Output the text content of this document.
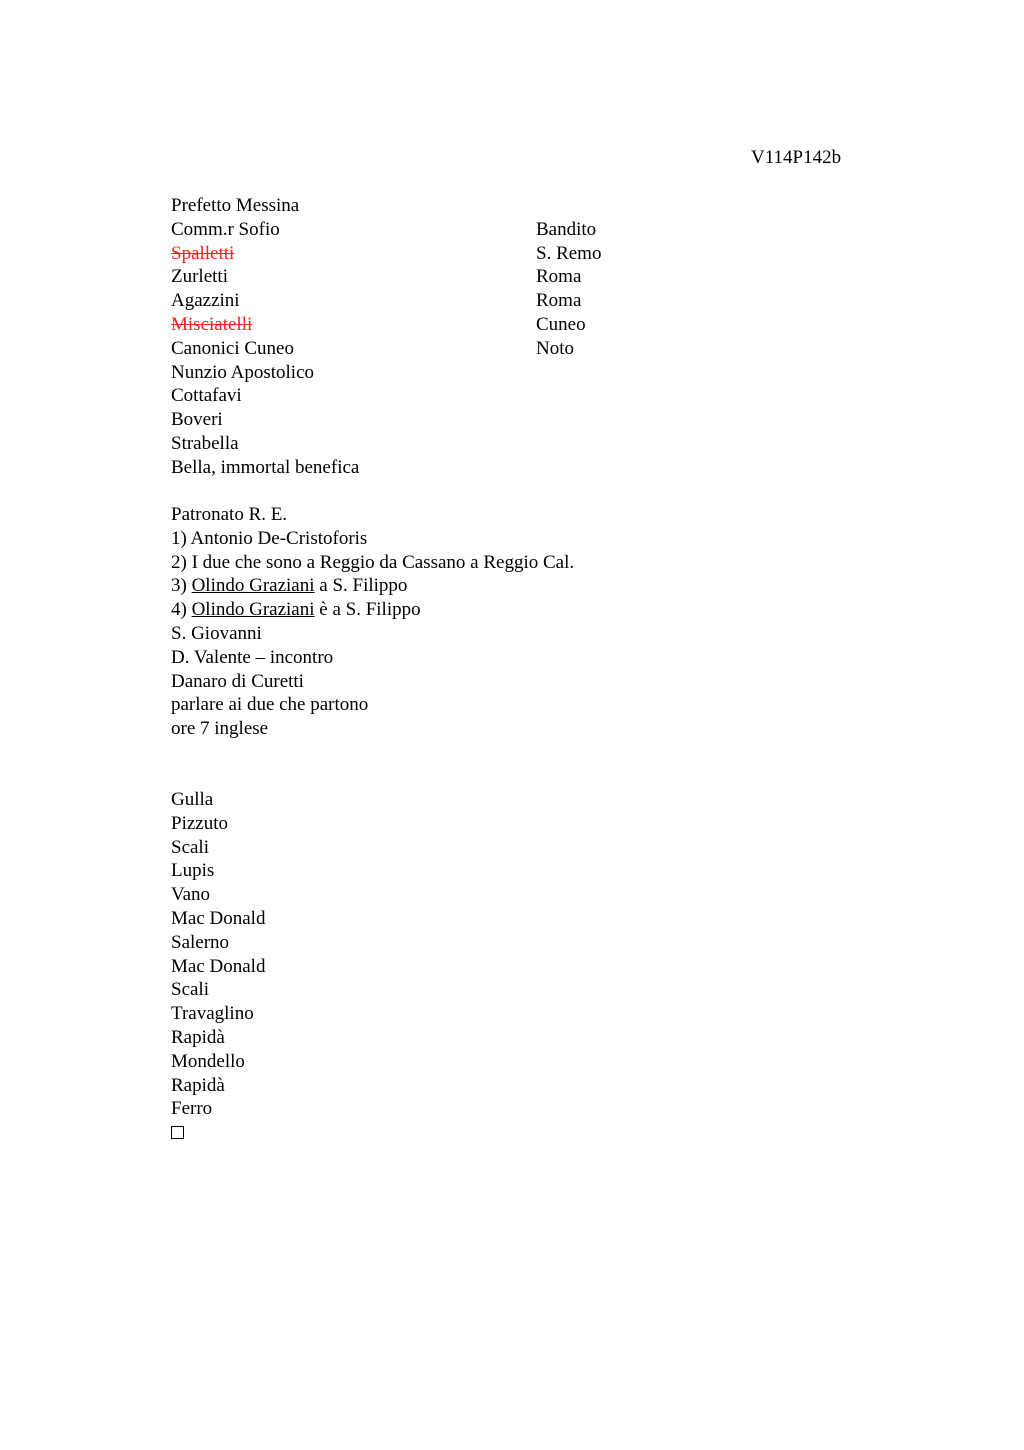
V114P142b
Prefetto Messina
Comm.r Sofio	Bandito
Spalletti	S. Remo
Zurletti	Roma
Agazzini	Roma
Misciatelli	Cuneo
Canonici Cuneo	Noto
Nunzio Apostolico
Cottafavi
Boveri
Strabella
Bella, immortal benefica
Patronato R. E.
1) Antonio De-Cristoforis
2) I due che sono a Reggio da Cassano a Reggio Cal.
3) Olindo Graziani a S. Filippo
4) Olindo Graziani è a S. Filippo
S. Giovanni
D. Valente – incontro
Danaro di Curetti
parlare ai due che partono
ore 7 inglese
Gulla
Pizzuto
Scali
Lupis
Vano
Mac Donald
Salerno
Mac Donald
Scali
Travaglino
Rapidà
Mondello
Rapidà
Ferro
